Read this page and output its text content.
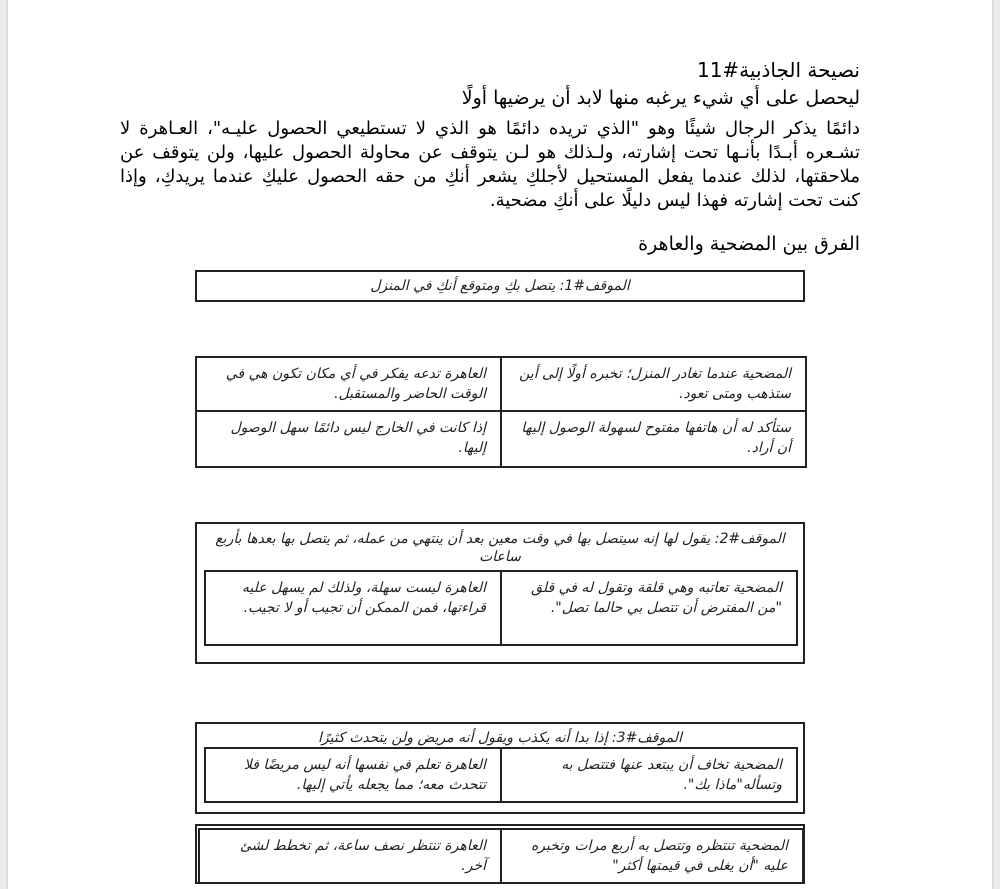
نصيحة الجاذبية#11
ليحصل على أي شيء يرغبه منها لابد أن يرضيها أولًا
دائمًا يذكر الرجال شيئًا وهو "الذي تريده دائمًا هو الذي لا تستطيعي الحصول عليـه"، العـاهرة لا تشـعره أبـدًا بأنـها تحت إشارته، ولـذلك هو لـن يتوقف عن محاولة الحصول عليها، ولن يتوقف عن ملاحقتها، لذلك عندما يفعل المستحيل لأجلكِ يشعر أنكِ من حقه الحصول عليكِ عندما يريدكِ، وإذا كنت تحت إشارته فهذا ليس دليلًا على أنكِ مضحية.
الفرق بين المضحية والعاهرة
الموقف#1: يتصل بكِ ومتوقع أنكِ في المنزل
المضحية عندما تغادر المنزل؛ تخبره أولًا إلى أين ستذهب ومتى تعود.	العاهرة تدعه يفكر في أي مكان تكون هي في الوقت الحاضر والمستقبل.
ستأكد له أن هاتفها مفتوح لسهولة الوصول إليها أن أراد.	إذا كانت في الخارج ليس دائمًا سهل الوصول إليها.
الموقف#2: يقول لها إنه سيتصل بها في وقت معين بعد أن ينتهي من عمله، ثم يتصل بها بعدها بأربع ساعات
المضحية تعاتبه وهي قلقة وتقول له في قلق "من المفترض أن تتصل بي حالما تصل".	العاهرة ليست سهلة، ولذلك لم يسهل عليه قراءتها، فمن الممكن أن تجيب أو لا تجيب.
الموقف#3: إذا بدا أنه يكذب ويقول أنه مريض ولن يتحدث كثيرًا
المضحية تخاف أن يبتعد عنها فتتصل به وتسأله"ماذا بك".	العاهرة تعلم في نفسها أنه ليس مريضًا فلا تتحدث معه؛ مما يجعله يأتي إليها.
المضحية تنتظره وتتصل به أربع مرات وتخبره عليه "أن يغلى في قيمتها أكثر"	العاهرة تنتظر نصف ساعة، ثم تخطط لشئ آخر.
